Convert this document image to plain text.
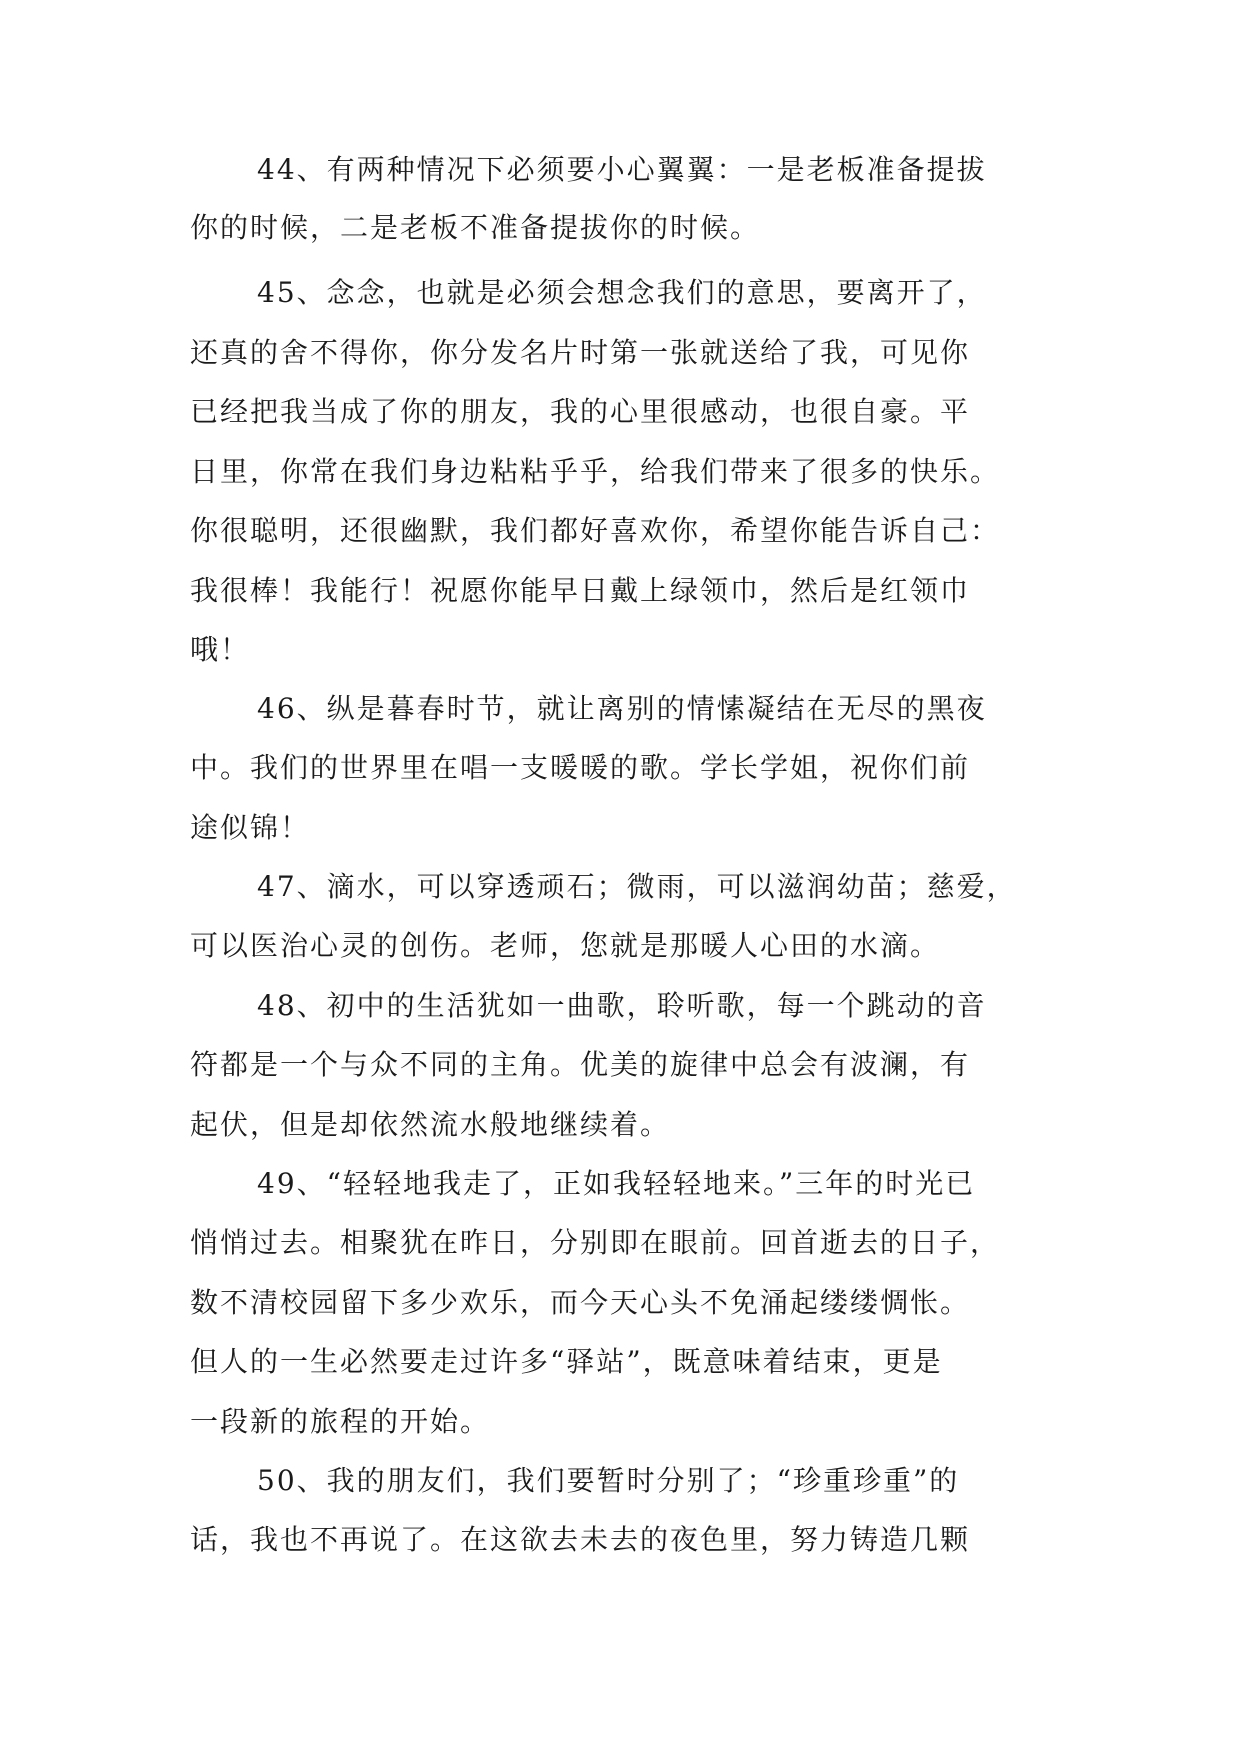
44、有两种情况下必须要小心翼翼：一是老板准备提拔
你的时候，二是老板不准备提拔你的时候。
45、念念，也就是必须会想念我们的意思，要离开了，
还真的舍不得你，你分发名片时第一张就送给了我，可见你
已经把我当成了你的朋友，我的心里很感动，也很自豪。平
日里，你常在我们身边粘粘乎乎，给我们带来了很多的快乐。
你很聪明，还很幽默，我们都好喜欢你，希望你能告诉自己：
我很棒！我能行！祝愿你能早日戴上绿领巾，然后是红领巾
哦！
46、纵是暮春时节，就让离别的情愫凝结在无尽的黑夜
中。我们的世界里在唱一支暖暖的歌。学长学姐，祝你们前
途似锦！
47、滴水，可以穿透顽石；微雨，可以滋润幼苗；慈爱，
可以医治心灵的创伤。老师，您就是那暖人心田的水滴。
48、初中的生活犹如一曲歌，聆听歌，每一个跳动的音
符都是一个与众不同的主角。优美的旋律中总会有波澜，有
起伏，但是却依然流水般地继续着。
49、“轻轻地我走了，正如我轻轻地来。”三年的时光已
悄悄过去。相聚犹在昨日，分别即在眼前。回首逝去的日子，
数不清校园留下多少欢乐，而今天心头不免涌起缕缕惆怅。
但人的一生必然要走过许多“驿站”，既意味着结束，更是
一段新的旅程的开始。
50、我的朋友们，我们要暂时分别了；“珍重珍重”的
话，我也不再说了。在这欲去未去的夜色里，努力铸造几颗
